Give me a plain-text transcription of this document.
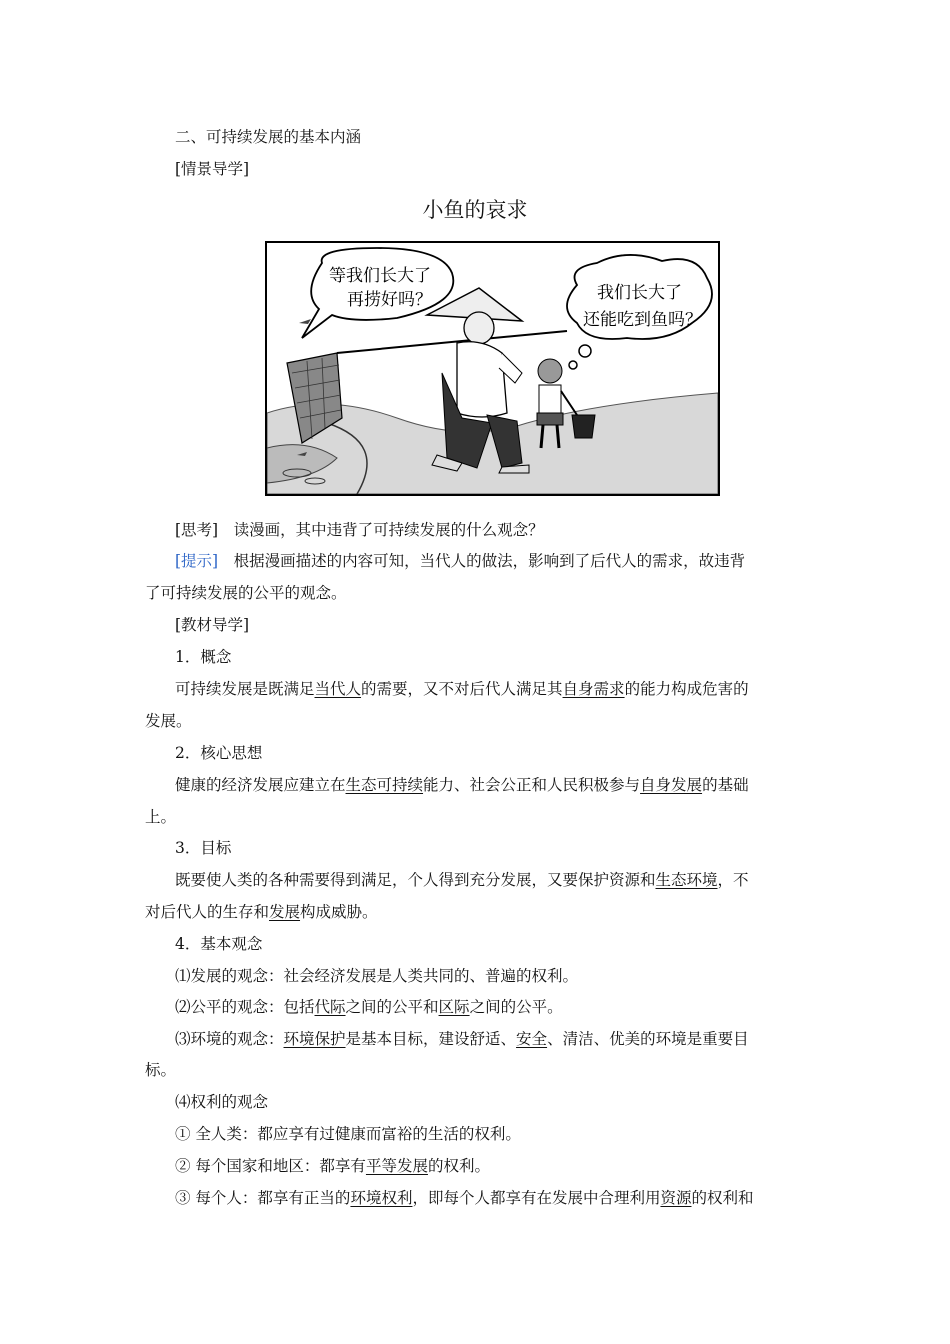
二、可持续发展的基本内涵
[情景导学]
小鱼的哀求
等我们长大了
再捞好吗？	我们长大了
还能吃到鱼吗？
[思考]　 读漫画，其中违背了可持续发展的什么观念？
[提示]　 根据漫画描述的内容可知，当代人的做法，影响到了后代人的需求，故违背
了可持续发展的公平的观念。
[教材导学]
1．概念
可持续发展是既满足当代人的需要，又不对后代人满足其自身需求的能力构成危害的
发展。
2．核心思想
健康的经济发展应建立在生态可持续能力、社会公正和人民积极参与自身发展的基础
上。
3．目标
既要使人类的各种需要得到满足，个人得到充分发展，又要保护资源和生态环境，不
对后代人的生存和发展构成威胁。
4．基本观念
⑴发展的观念：社会经济发展是人类共同的、普遍的权利。
⑵公平的观念：包括代际之间的公平和区际之间的公平。
⑶环境的观念：环境保护是基本目标，建设舒适、安全、清洁、优美的环境是重要目
标。
⑷权利的观念
① 全人类：都应享有过健康而富裕的生活的权利。
② 每个国家和地区：都享有平等发展的权利。
③ 每个人：都享有正当的环境权利，即每个人都享有在发展中合理利用资源的权利和
